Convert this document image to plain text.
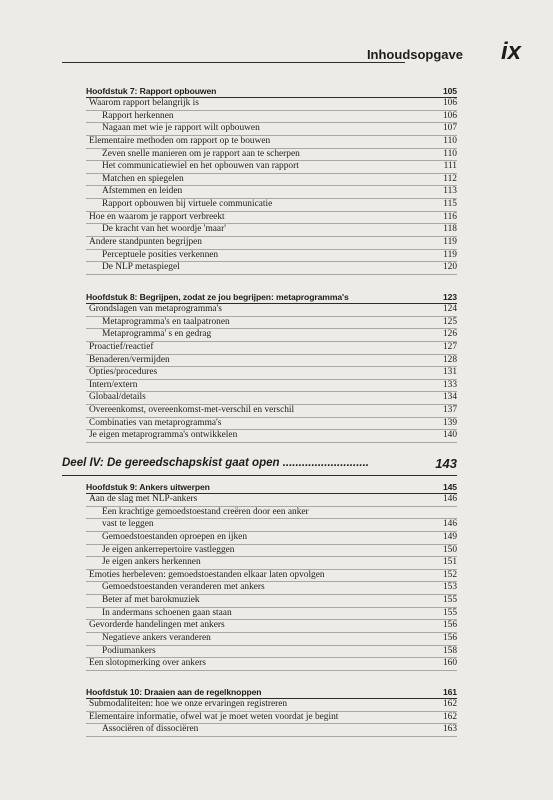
Inhoudsopgave ix
Hoofdstuk 7: Rapport opbouwen	105
Waarom rapport belangrijk is	106
Rapport herkennen	106
Nagaan met wie je rapport wilt opbouwen	107
Elementaire methoden om rapport op te bouwen	110
Zeven snelle manieren om je rapport aan te scherpen	110
Het communicatiewiel en het opbouwen van rapport	111
Matchen en spiegelen	112
Afstemmen en leiden	113
Rapport opbouwen bij virtuele communicatie	115
Hoe en waarom je rapport verbreekt	116
De kracht van het woordje 'maar'	118
Andere standpunten begrijpen	119
Perceptuele posities verkennen	119
De NLP metaspiegel	120
Hoofdstuk 8: Begrijpen, zodat ze jou begrijpen: metaprogramma's	123
Grondslagen van metaprogramma's	124
Metaprogramma's en taalpatronen	125
Metaprogramma' s en gedrag	126
Proactief/reactief	127
Benaderen/vermijden	128
Opties/procedures	131
Intern/extern	133
Globaal/details	134
Overeenkomst, overeenkomst-met-verschil en verschil	137
Combinaties van metaprogramma's	139
Je eigen metaprogramma's ontwikkelen	140
Deel IV: De gereedschapskist gaat open ...........................	143
Hoofdstuk 9: Ankers uitwerpen	145
Aan de slag met NLP-ankers	146
Een krachtige gemoedstoestand creëren door een anker
vast te leggen	146
Gemoedstoestanden oproepen en ijken	149
Je eigen ankerrepertoire vastleggen	150
Je eigen ankers herkennen	151
Emoties herbeleven: gemoedstoestanden elkaar laten opvolgen	152
Gemoedstoestanden veranderen met ankers	153
Beter af met barokmuziek	155
In andermans schoenen gaan staan	155
Gevorderde handelingen met ankers	156
Negatieve ankers veranderen	156
Podiumankers	158
Een slotopmerking over ankers	160
Hoofdstuk 10: Draaien aan de regelknoppen	161
Submodaliteiten: hoe we onze ervaringen registreren	162
Elementaire informatie, ofwel wat je moet weten voordat je begint	162
Associëren of dissociëren	163
